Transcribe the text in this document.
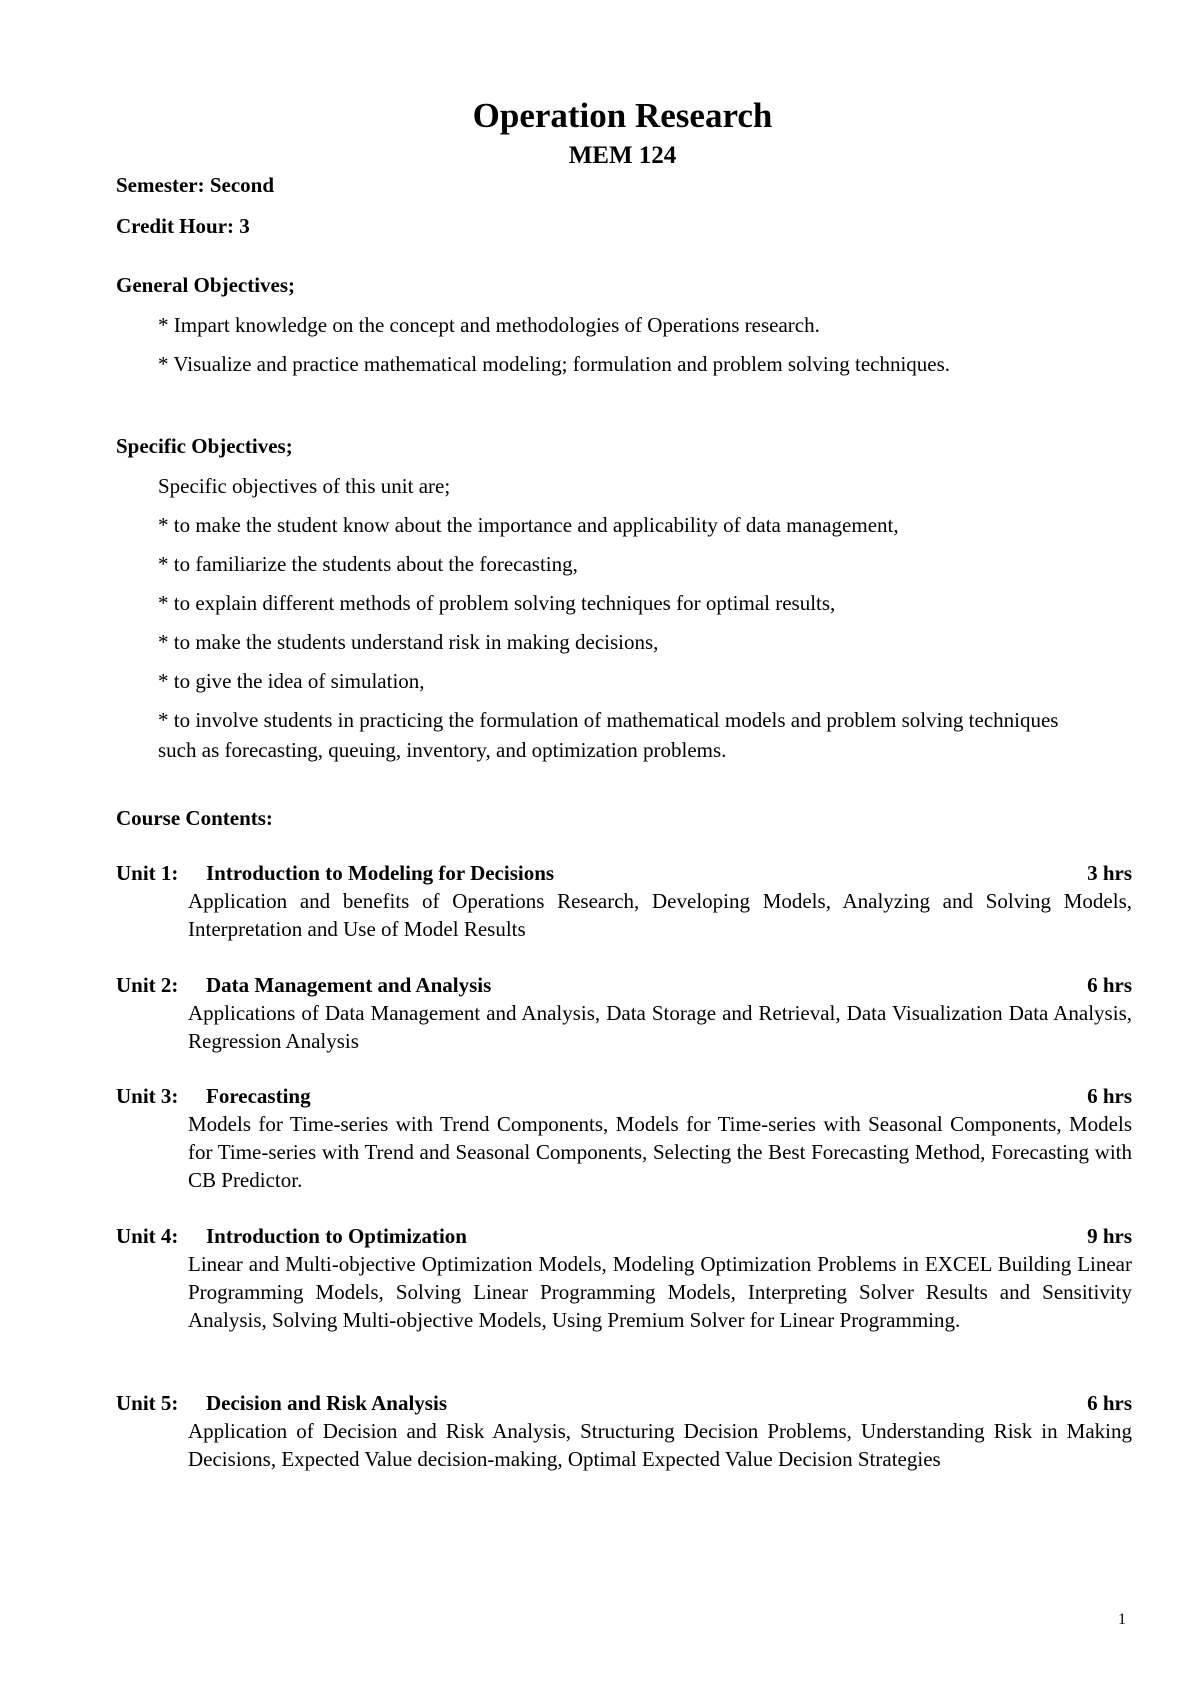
Operation Research
MEM 124

Semester: Second

Credit Hour: 3

General Objectives;

* Impart knowledge on the concept and methodologies of Operations research.

* Visualize and practice mathematical modeling; formulation and problem solving techniques.

Specific Objectives;

Specific objectives of this unit are;

* to make the student know about the importance and applicability of data management,

* to familiarize the students about the forecasting,

* to explain different methods of problem solving techniques for optimal results,

* to make the students understand risk in making decisions,

* to give the idea of simulation,

* to involve students in practicing the formulation of mathematical models and problem solving techniques such as forecasting, queuing, inventory, and optimization problems.

Course Contents:

Unit 1: Introduction to Modeling for Decisions	3 hrs

Application and benefits of Operations Research, Developing Models, Analyzing and Solving Models, Interpretation and Use of Model Results

Unit 2: Data Management and Analysis	6 hrs

Applications of Data Management and Analysis, Data Storage and Retrieval, Data Visualization Data Analysis, Regression Analysis

Unit 3: Forecasting	6 hrs

Models for Time-series with Trend Components, Models for Time-series with Seasonal Components, Models for Time-series with Trend and Seasonal Components, Selecting the Best Forecasting Method, Forecasting with CB Predictor.

Unit 4: Introduction to Optimization	9 hrs

Linear and Multi-objective Optimization Models, Modeling Optimization Problems in EXCEL Building Linear Programming Models, Solving Linear Programming Models, Interpreting Solver Results and Sensitivity Analysis, Solving Multi-objective Models, Using Premium Solver for Linear Programming.

Unit 5: Decision and Risk Analysis	6 hrs

Application of Decision and Risk Analysis, Structuring Decision Problems, Understanding Risk in Making Decisions, Expected Value decision-making, Optimal Expected Value Decision Strategies

1
